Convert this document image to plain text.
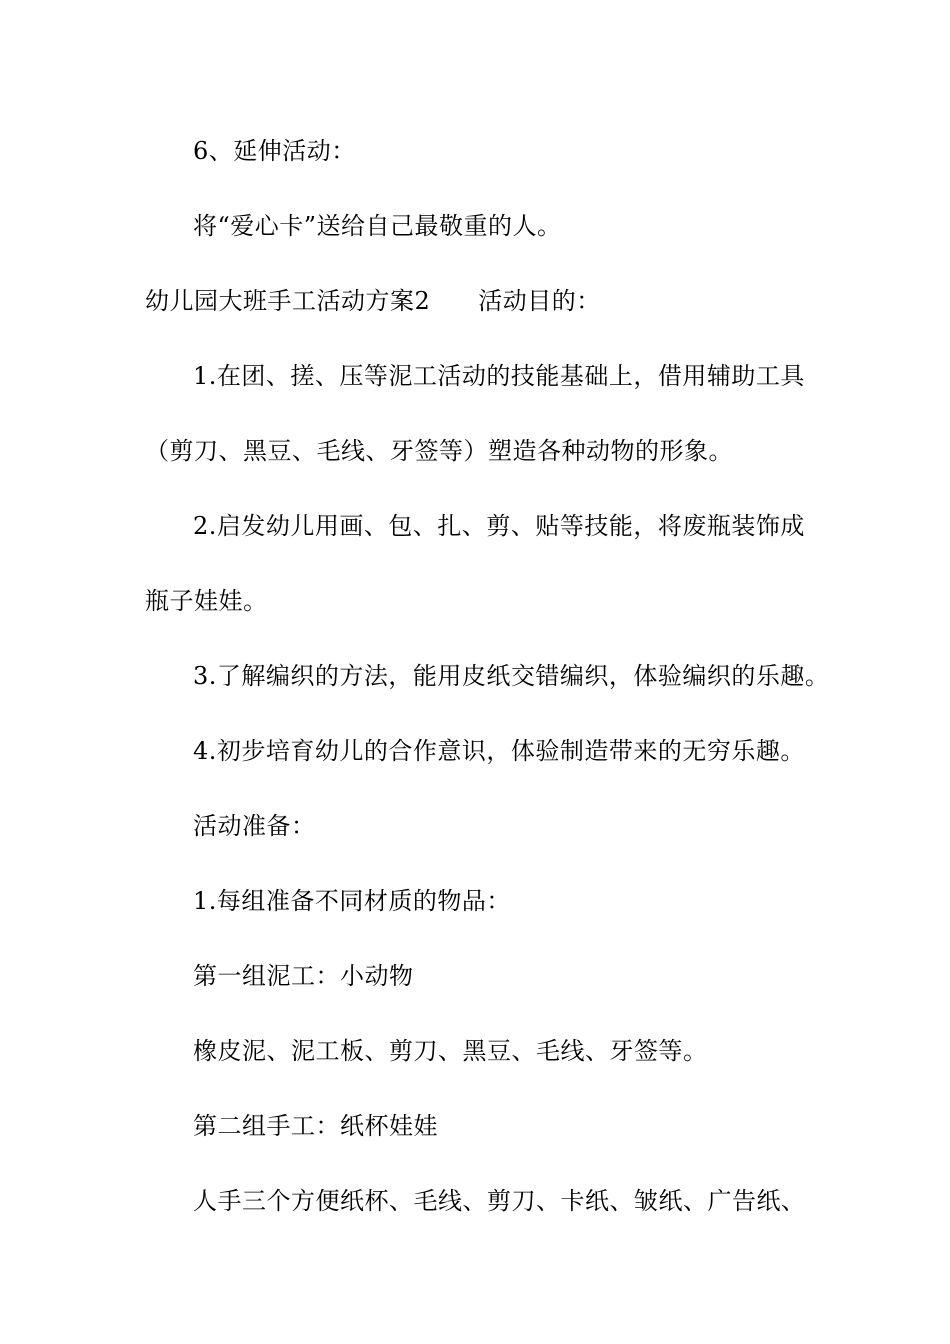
6、延伸活动：
将“爱心卡”送给自己最敬重的人。
幼儿园大班手工活动方案2 活动目的：
1.在团、搓、压等泥工活动的技能基础上，借用辅助工具
（剪刀、黑豆、毛线、牙签等）塑造各种动物的形象。
2.启发幼儿用画、包、扎、剪、贴等技能，将废瓶装饰成
瓶子娃娃。
3.了解编织的方法，能用皮纸交错编织，体验编织的乐趣。
4.初步培育幼儿的合作意识，体验制造带来的无穷乐趣。
活动准备：
1.每组准备不同材质的物品：
第一组泥工：小动物
橡皮泥、泥工板、剪刀、黑豆、毛线、牙签等。
第二组手工：纸杯娃娃
人手三个方便纸杯、毛线、剪刀、卡纸、皱纸、广告纸、
